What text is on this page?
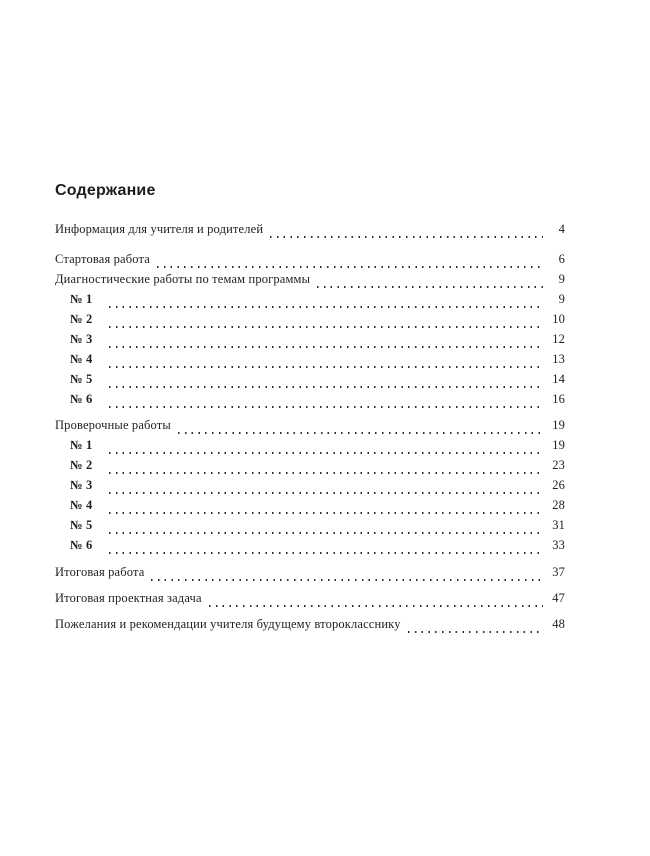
Содержание
Информация для учителя и родителей	4
Стартовая работа	6
Диагностические работы по темам программы	9
№ 1	9
№ 2	10
№ 3	12
№ 4	13
№ 5	14
№ 6	16
Проверочные работы	19
№ 1	19
№ 2	23
№ 3	26
№ 4	28
№ 5	31
№ 6	33
Итоговая работа	37
Итоговая проектная задача	47
Пожелания и рекомендации учителя будущему второкласснику	48
